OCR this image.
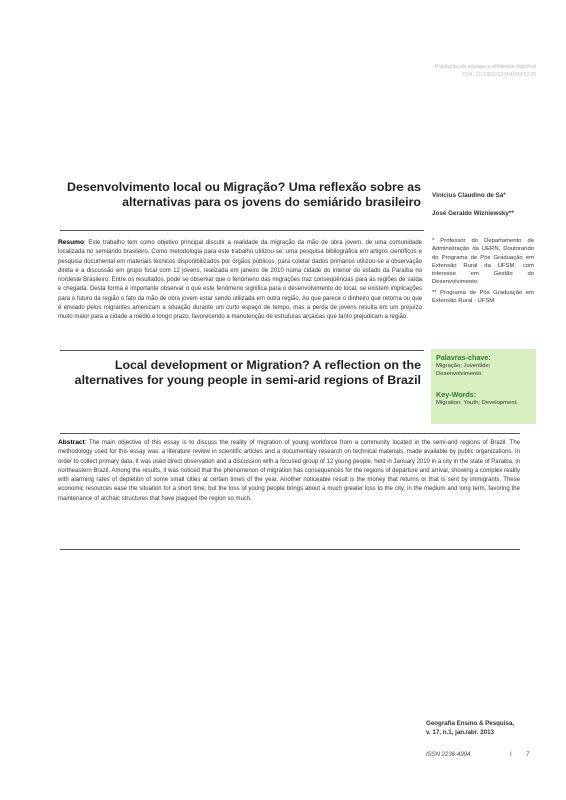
Produção do espaço e dinâmica regional
DOI: 10.5902/22364994/5735
Desenvolvimento local ou Migração? Uma reflexão sobre as alternativas para os jovens do semiárido brasileiro Vinícius Claudino de Sá*
José Geraldo Wizniewsky**
Resumo: Este trabalho tem como objetivo principal discutir a realidade da migração da mão de obra jovem, de uma comunidade localizada no semiárido brasileiro. Como metodologia para este trabalho utilizou-se: uma pesquisa bibliográfica em artigos científicos e pesquisa documental em materiais técnicos disponibilizados por órgãos públicos, para coletar dados primários utilizou-se a observação direta e a discussão em grupo focal com 12 jovens, realizada em janeiro de 2010 numa cidade do interior do estado da Paraíba no nordeste Brasileiro. Entre os resultados, pode se observar que o fenômeno das migrações traz conseqüências para as regiões de saída e chegada. Desta forma é importante observar o que este fenômeno significa para o desenvolvimento do local, se existem implicações para o futuro da região o fato da mão de obra jovem estar sendo utilizada em outra região. Ao que parece o dinheiro que retorna ou que é enviado pelos migrantes amenizam a situação durante um curto espaço de tempo, mas a perda de jovens resulta em um prejuízo muito maior para a cidade a médio e longo prazo, favorecendo a manutenção de estruturas arcaicas que tanto prejudicam a região.
* Professor do Departamento de Administração da UERN, Doutorando do Programa de Pós Graduação em Extensão Rural da UFSM, com interesse em Gestão do Desenvolvimento.
** Programa de Pós Graduação em Extensão Rural - UFSM
Palavras-chave:
Migração; Juventide; Desenvolvimento.
Key-Words:
Migration; Youth; Development.
Local development or Migration? A reflection on the alternatives for young people in semi-arid regions of Brazil
Abstract: The main objective of this essay is to discuss the reality of migration of young workforce from a community located in the semi-arid regions of Brazil. The methodology used for this essay was: a literature review in scientific articles and a documentary research on technical materials, made available by public organizations. In order to collect primary data, it was used direct observation and a discussion with a focused group of 12 young people, held in January 2010 in a city in the state of Paraiba, in northeastern Brazil. Among the results, it was noticed that the phenomenon of migration has consequences for the regions of departure and arrival, showing a complex reality with alarming rates of depletion of some small cities at certain times of the year. Another noticeable result is the money that returns or that is sent by immigrants. These economic resources ease the situation for a short time, but the loss of young people brings about a much greater loss to the city, in the medium and long term, favoring the maintenance of archaic structures that have plagued the region so much.
Geografia Ensino & Pesquisa,
v. 17, n.1, jan./abr. 2013
ISSN 2236-4994	I 7
